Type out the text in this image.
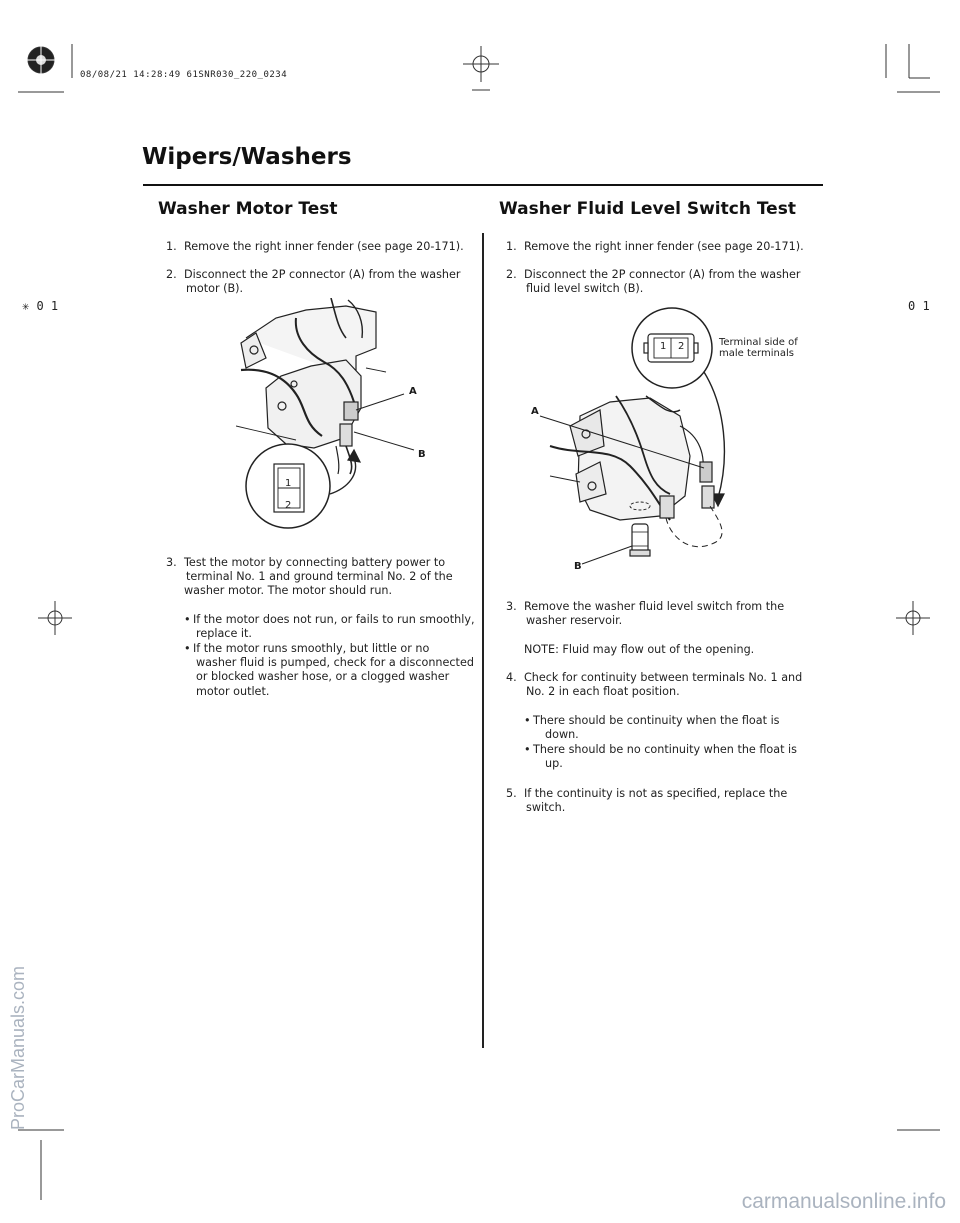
08/08/21 14:28:49 61SNR030_220_0234
✳ 0 1	0 1
Wipers/Washers
Washer Motor Test
1. Remove the right inner fender (see page 20-171).
2. Disconnect the 2P connector (A) from the washer
motor (B).
A
B
1
2
3. Test the motor by connecting battery power to
terminal No. 1 and ground terminal No. 2 of the
washer motor. The motor should run.
• If the motor does not run, or fails to run smoothly,
replace it.
• If the motor runs smoothly, but little or no
washer fluid is pumped, check for a disconnected
or blocked washer hose, or a clogged washer
motor outlet.
Washer Fluid Level Switch Test
1. Remove the right inner fender (see page 20-171).
2. Disconnect the 2P connector (A) from the washer
fluid level switch (B).
1 2	Terminal side of
male terminals
A
B
3. Remove the washer fluid level switch from the
washer reservoir.
NOTE: Fluid may flow out of the opening.
4. Check for continuity between terminals No. 1 and
No. 2 in each float position.
• There should be continuity when the float is
down.
• There should be no continuity when the float is
up.
5. If the continuity is not as specified, replace the
switch.
ProCarManuals.com
carmanualsonline.info
